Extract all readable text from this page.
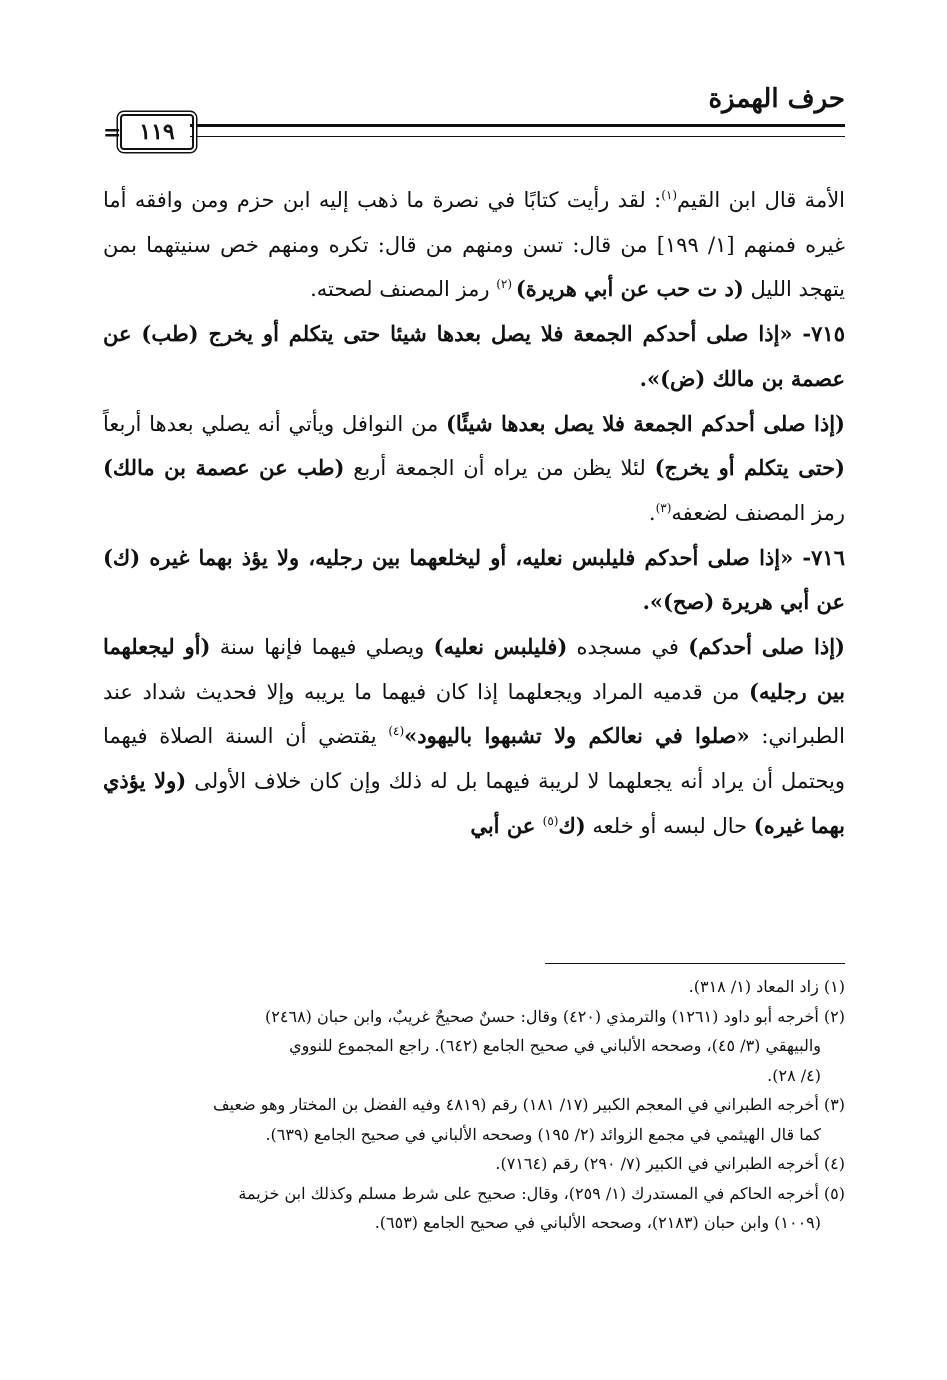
حرف الهمزة
١١٩
=

الأمة قال ابن القيم$^{(١)}$: لقد رأيت كتابًا في نصرة ما ذهب إليه ابن حزم ومن وافقه أما غيره فمنهم [١/ ١٩٩] من قال: تسن ومنهم من قال: تكره ومنهم خص سنيتهما بمن يتهجد الليل (د ت حب عن أبي هريرة) $^{(٢)}$ رمز المصنف لصحته.

٧١٥- «إذا صلى أحدكم الجمعة فلا يصل بعدها شيئا حتى يتكلم أو يخرج (طب) عن عصمة بن مالك (ض)».

(إذا صلى أحدكم الجمعة فلا يصل بعدها شيئًا) من النوافل ويأتي أنه يصلي بعدها أربعاً (حتى يتكلم أو يخرج) لئلا يظن من يراه أن الجمعة أربع (طب عن عصمة بن مالك) رمز المصنف لضعفه$^{(٣)}$.

٧١٦- «إذا صلى أحدكم فليلبس نعليه، أو ليخلعهما بين رجليه، ولا يؤذ بهما غيره (ك) عن أبي هريرة (صح)».

(إذا صلى أحدكم) في مسجده (فليلبس نعليه) ويصلي فيهما فإنها سنة (أو ليجعلهما بين رجليه) من قدميه المراد ويجعلهما إذا كان فيهما ما يريبه وإلا فحديث شداد عند الطبراني: «صلوا في نعالكم ولا تشبهوا باليهود»$^{(٤)}$ يقتضي أن السنة الصلاة فيهما ويحتمل أن يراد أنه يجعلهما لا لريبة فيهما بل له ذلك وإن كان خلاف الأولى (ولا يؤذي بهما غيره) حال لبسه أو خلعه (ك$^{(٥)}$ عن أبي

(١) زاد المعاد (١/ ٣١٨).

(٢) أخرجه أبو داود (١٢٦١) والترمذي (٤٢٠) وقال: حسنٌ صحيحٌ غريبٌ، وابن حبان (٢٤٦٨)

والبيهقي (٣/ ٤٥)، وصححه الألباني في صحيح الجامع (٦٤٢). راجع المجموع للنووي

(٤/ ٢٨).

(٣) أخرجه الطبراني في المعجم الكبير (١٧/ ١٨١) رقم (٤٨١٩ وفيه الفضل بن المختار وهو ضعيف

كما قال الهيثمي في مجمع الزوائد (٢/ ١٩٥) وصححه الألباني في صحيح الجامع (٦٣٩).

(٤) أخرجه الطبراني في الكبير (٧/ ٢٩٠) رقم (٧١٦٤).

(٥) أخرجه الحاكم في المستدرك (١/ ٢٥٩)، وقال: صحيح على شرط مسلم وكذلك ابن خزيمة

(١٠٠٩) وابن حبان (٢١٨٣)، وصححه الألباني في صحيح الجامع (٦٥٣).
